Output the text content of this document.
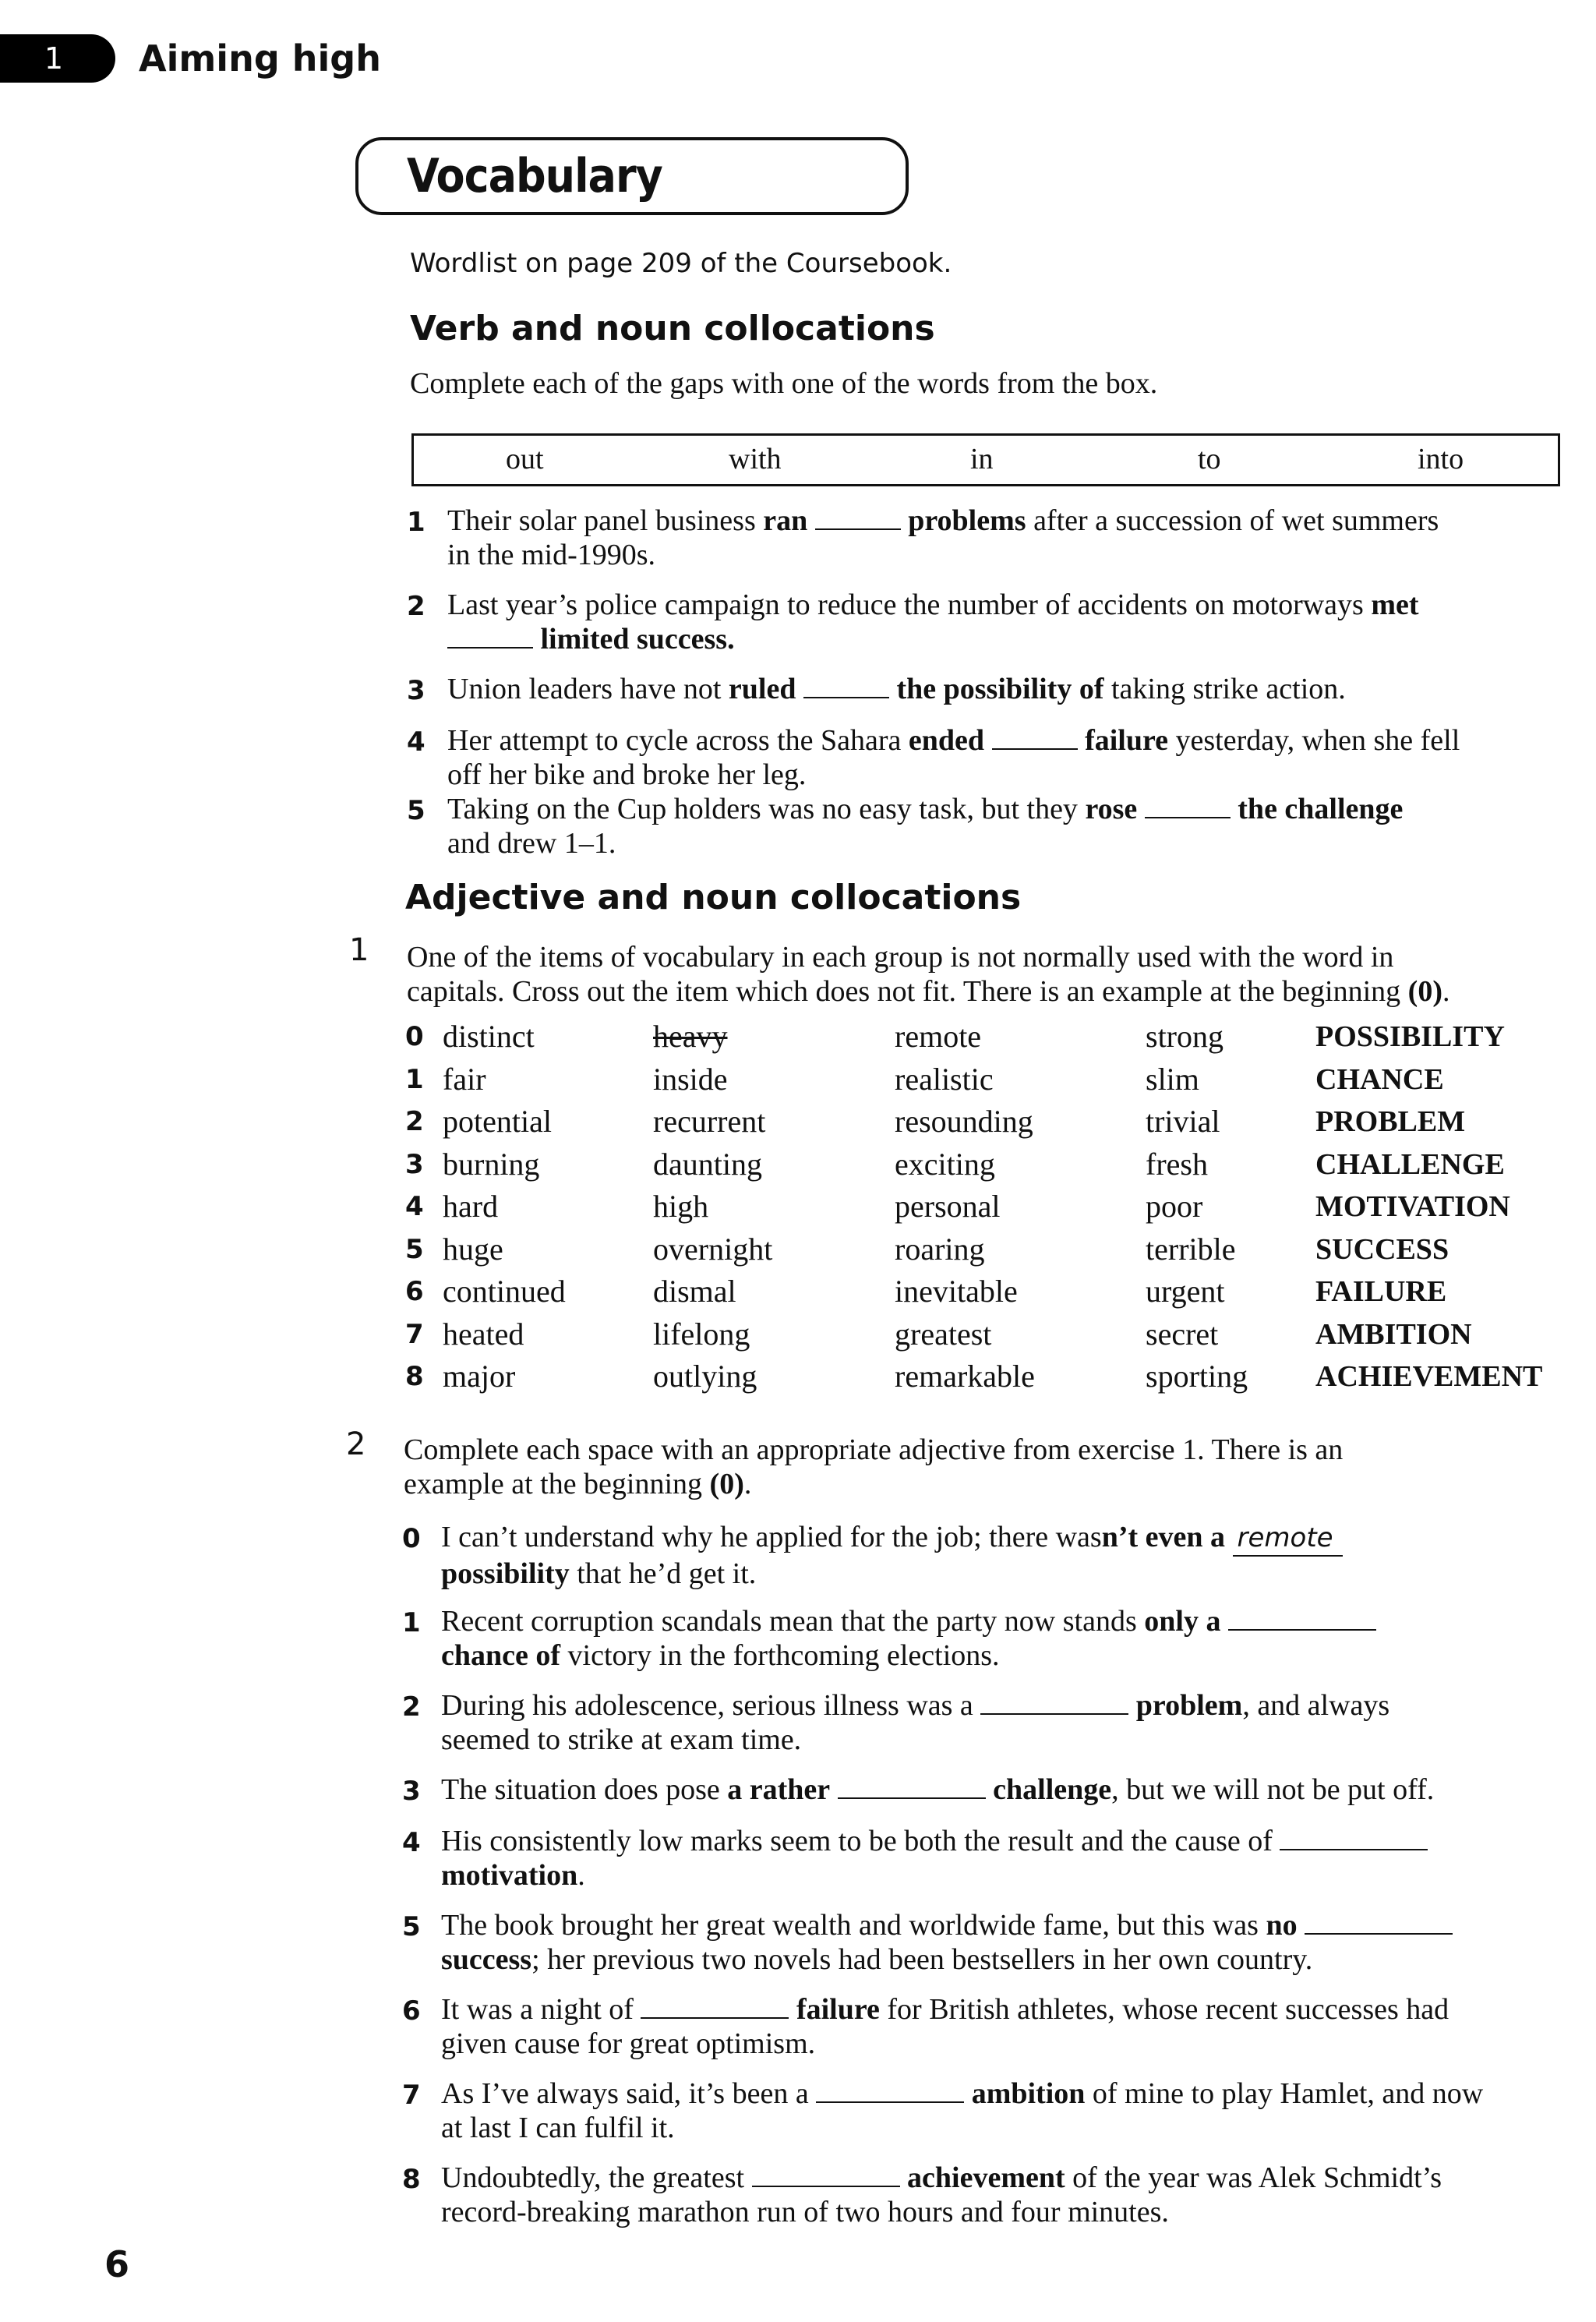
1 Aiming high
Vocabulary
Wordlist on page 209 of the Coursebook.
Verb and noun collocations
Complete each of the gaps with one of the words from the box.
out	with	in	to	into
1 Their solar panel business ran	problems after a succession of wet summers
in the mid-1990s.
2 Last year’s police campaign to reduce the number of accidents on motorways met
limited success.
3 Union leaders have not ruled	the possibility of taking strike action.
4 Her attempt to cycle across the Sahara ended	failure yesterday, when she fell
off her bike and broke her leg.
5 Taking on the Cup holders was no easy task, but they rose	the challenge
and drew 1–1.
Adjective and noun collocations
1 One of the items of vocabulary in each group is not normally used with the word in
capitals. Cross out the item which does not fit. There is an example at the beginning (0).
0 distinct	heavy	remote	strong	POSSIBILITY
1 fair	inside	realistic	slim	CHANCE
2 potential	recurrent	resounding	trivial	PROBLEM
3 burning	daunting	exciting	fresh	CHALLENGE
4 hard	high	personal	poor	MOTIVATION
5 huge	overnight	roaring	terrible	SUCCESS
6 continued	dismal	inevitable	urgent	FAILURE
7 heated	lifelong	greatest	secret	AMBITION
8 major	outlying	remarkable	sporting ACHIEVEMENT
2 Complete each space with an appropriate adjective from exercise 1. There is an
example at the beginning (0).
0 I can’t understand why he applied for the job; there wasn’t even a remote
possibility that he’d get it.
1 Recent corruption scandals mean that the party now stands only a
chance of victory in the forthcoming elections.
2 During his adolescence, serious illness was a	problem, and always
seemed to strike at exam time.
3 The situation does pose a rather	challenge, but we will not be put off.
4 His consistently low marks seem to be both the result and the cause of
motivation.
5 The book brought her great wealth and worldwide fame, but this was no
success; her previous two novels had been bestsellers in her own country.
6 It was a night of	failure for British athletes, whose recent successes had
given cause for great optimism.
7 As I’ve always said, it’s been a	ambition of mine to play Hamlet, and now
at last I can fulfil it.
8 Undoubtedly, the greatest	achievement of the year was Alek Schmidt’s
record-breaking marathon run of two hours and four minutes.
6
